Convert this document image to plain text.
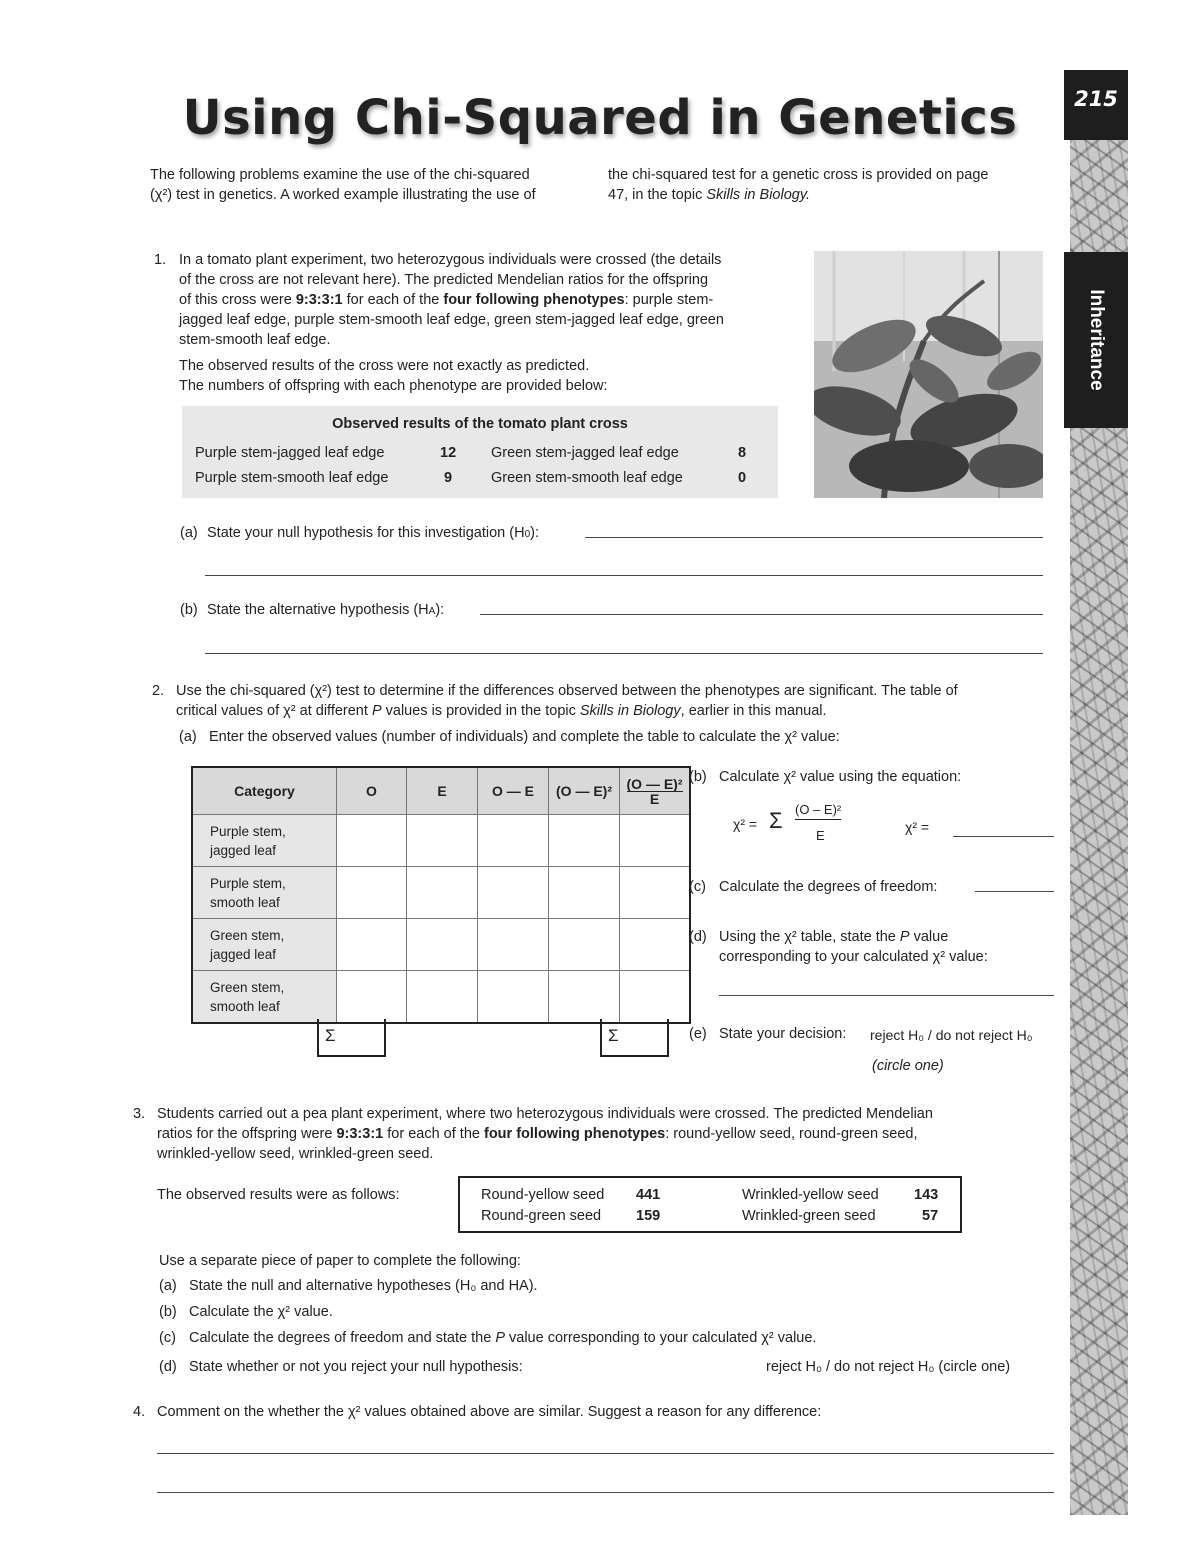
215
Inheritance
Using Chi-Squared in Genetics
The following problems examine the use of the chi-squared
(χ²) test in genetics. A worked example illustrating the use of
the chi-squared test for a genetic cross is provided on page
47, in the topic Skills in Biology.
1. In a tomato plant experiment, two heterozygous individuals were crossed (the details
of the cross are not relevant here). The predicted Mendelian ratios for the offspring
of this cross were 9:3:3:1 for each of the four following phenotypes: purple stem-
jagged leaf edge, purple stem-smooth leaf edge, green stem-jagged leaf edge, green
stem-smooth leaf edge.
The observed results of the cross were not exactly as predicted.
The numbers of offspring with each phenotype are provided below:
Observed results of the tomato plant cross
Purple stem-jagged leaf edge	12
Purple stem-smooth leaf edge	9
Green stem-jagged leaf edge	8
Green stem-smooth leaf edge	0
(a) State your null hypothesis for this investigation (H0):
(b) State the alternative hypothesis (HA):
2. Use the chi-squared (χ²) test to determine if the differences observed between the phenotypes are significant. The table of
critical values of χ² at different P values is provided in the topic Skills in Biology, earlier in this manual.
(a) Enter the observed values (number of individuals) and complete the table to calculate the χ² value:
Category	O	E	O — E	(O — E)²	(O — E)²
E

Purple stem,
jagged leaf					

Purple stem,
smooth leaf					

Green stem,
jagged leaf					

Green stem,
smooth leaf					

Σ	Σ
(b) Calculate χ² value using the equation:
χ² = Σ (O – E)²
E
χ² =
(c) Calculate the degrees of freedom:
(d) Using the χ² table, state the P value
corresponding to your calculated χ² value:
(e) State your decision: reject H₀ / do not reject H₀
(circle one)
3. Students carried out a pea plant experiment, where two heterozygous individuals were crossed. The predicted Mendelian
ratios for the offspring were 9:3:3:1 for each of the four following phenotypes: round-yellow seed, round-green seed,
wrinkled-yellow seed, wrinkled-green seed.
The observed results were as follows:	Round-yellow seed 441
Round-green seed 159
Wrinkled-yellow seed 143
Wrinkled-green seed	57
Use a separate piece of paper to complete the following:
(a) State the null and alternative hypotheses (H₀ and HA).
(b) Calculate the χ² value.
(c) Calculate the degrees of freedom and state the P value corresponding to your calculated χ² value.
(d) State whether or not you reject your null hypothesis:	reject H₀ / do not reject H₀ (circle one)
4. Comment on the whether the χ² values obtained above are similar. Suggest a reason for any difference:
